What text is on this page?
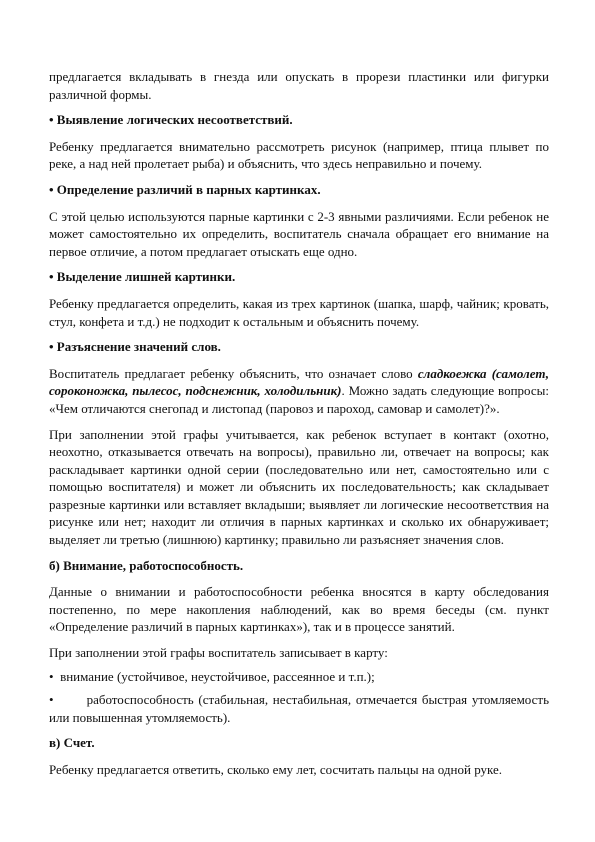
предлагается вкладывать в гнезда или опускать в прорези пластинки или фигурки различной формы.

• Выявление логических несоответствий.

Ребенку предлагается внимательно рассмотреть рисунок (например, птица плывет по реке, а над ней пролетает рыба) и объяснить, что здесь неправильно и почему.

• Определение различий в парных картинках.

С этой целью используются парные картинки с 2-3 явными различиями. Если ребенок не может самостоятельно их определить, воспитатель сначала обращает его внимание на первое отличие, а потом предлагает отыскать еще одно.

• Выделение лишней картинки.

Ребенку предлагается определить, какая из трех картинок (шапка, шарф, чайник; кровать, стул, конфета и т.д.) не подходит к остальным и объяснить почему.

• Разъяснение значений слов.

Воспитатель предлагает ребенку объяснить, что означает слово сладкоежка (самолет, сороконожка, пылесос, подснежник, холодильник). Можно задать следующие вопросы: «Чем отличаются снегопад и листопад (паровоз и пароход, самовар и самолет)?».

При заполнении этой графы учитывается, как ребенок вступает в контакт (охотно, неохотно, отказывается отвечать на вопросы), правильно ли, отвечает на вопросы; как раскладывает картинки одной серии (последовательно или нет, самостоятельно или с помощью воспитателя) и может ли объяснить их последовательность; как складывает разрезные картинки или вставляет вкладыши; выявляет ли логические несоответствия на рисунке или нет; находит ли отличия в парных картинках и сколько их обнаруживает; выделяет ли третью (лишнюю) картинку; правильно ли разъясняет значения слов.

б) Внимание, работоспособность.

Данные о внимании и работоспособности ребенка вносятся в карту обследования постепенно, по мере накопления наблюдений, как во время беседы (см. пункт «Определение различий в парных картинках»), так и в процессе занятий.

При заполнении этой графы воспитатель записывает в карту:

• внимание (устойчивое, неустойчивое, рассеянное и т.п.);

•	работоспособность (стабильная, нестабильная, отмечается быстрая утомляемость или повышенная утомляемость).

в) Счет.

Ребенку предлагается ответить, сколько ему лет, сосчитать пальцы на одной руке.
